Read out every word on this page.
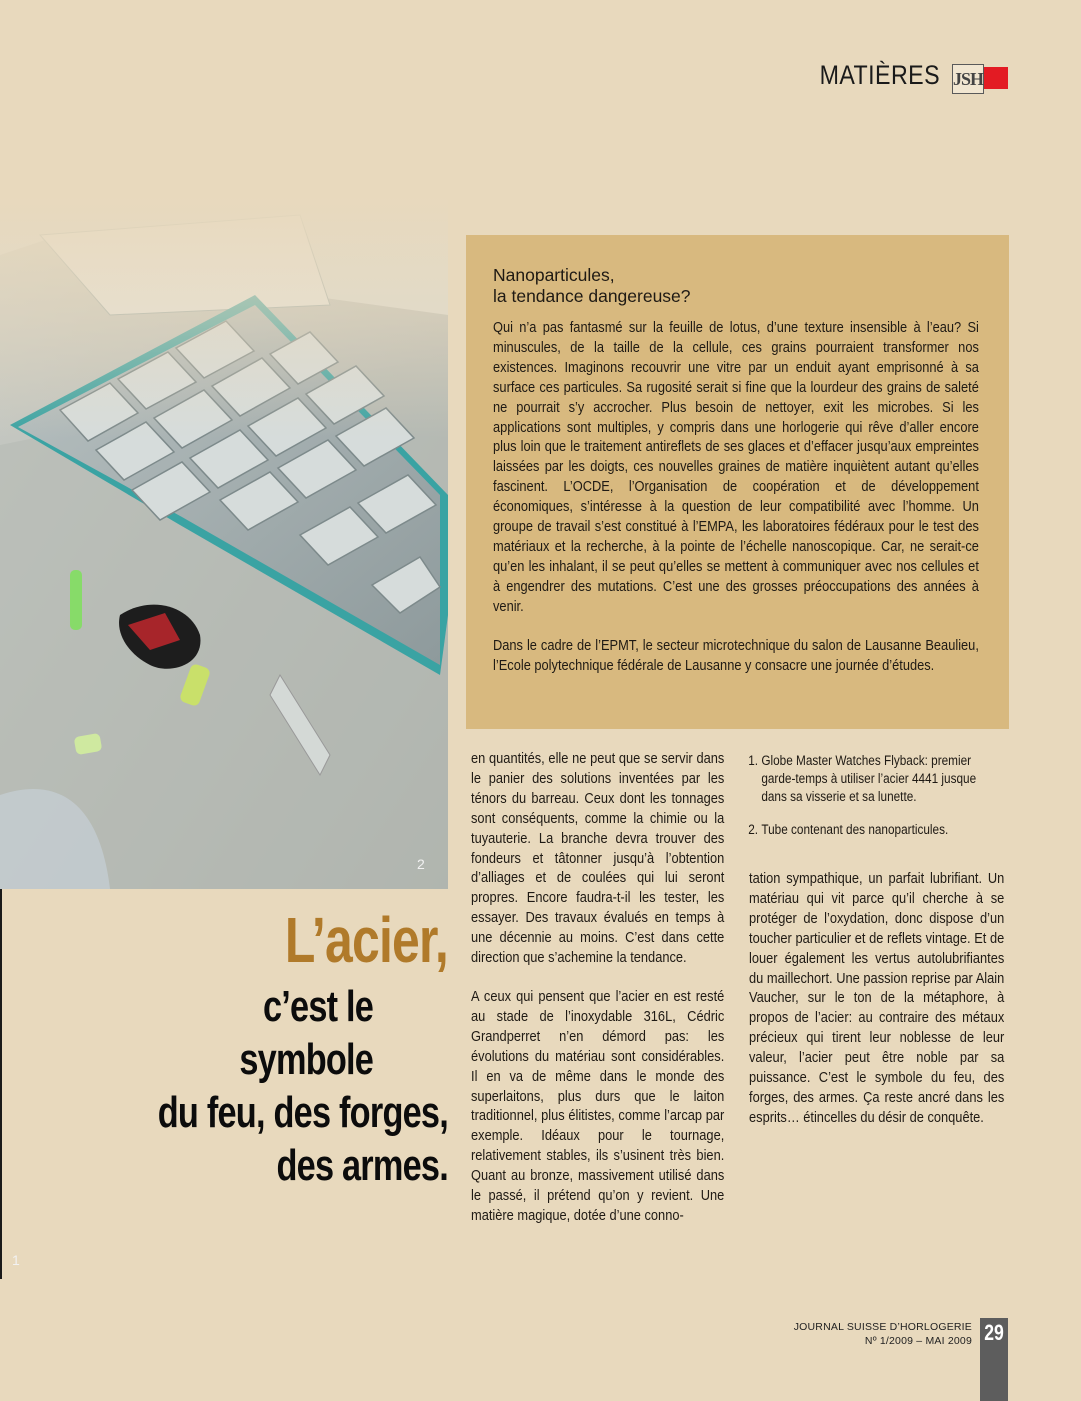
MATIÈRES JSH
2
1
Nanoparticules,
la tendance dangereuse?

Qui n’a pas fantasmé sur la feuille de lotus, d’une texture insensible à l’eau? Si minuscules, de la taille de la cellule, ces grains pourraient transformer nos existences. Imaginons recouvrir une vitre par un enduit ayant emprisonné à sa surface ces particules. Sa rugosité serait si fine que la lourdeur des grains de saleté ne pourrait s’y accrocher. Plus besoin de nettoyer, exit les microbes. Si les applications sont multiples, y compris dans une horlogerie qui rêve d’aller encore plus loin que le traitement antireflets de ses glaces et d’effacer jusqu’aux empreintes laissées par les doigts, ces nouvelles graines de matière inquiètent autant qu’elles fascinent. L’OCDE, l’Organisation de coopération et de développement économiques, s’intéresse à la question de leur compatibilité avec l’homme. Un groupe de travail s’est constitué à l’EMPA, les laboratoires fédéraux pour le test des matériaux et la recherche, à la pointe de l’échelle nanoscopique. Car, ne serait-ce qu’en les inhalant, il se peut qu’elles se mettent à communiquer avec nos cellules et à engendrer des mutations. C’est une des grosses préoccupations des années à venir.

Dans le cadre de l’EPMT, le secteur microtechnique du salon de Lausanne Beaulieu, l’Ecole polytechnique fédérale de Lausanne y consacre une journée d’études.

L’acier,
c’est le symbole
du feu, des forges,
des armes.

en quantités, elle ne peut que se servir dans le panier des solutions inventées par les ténors du barreau. Ceux dont les tonnages sont conséquents, comme la chimie ou la tuyauterie. La branche devra trouver des fondeurs et tâtonner jusqu’à l’obtention d’alliages et de coulées qui lui seront propres. Encore faudra-t-il les tester, les essayer. Des travaux évalués en temps à une décennie au moins. C’est dans cette direction que s’achemine la tendance.

A ceux qui pensent que l’acier en est resté au stade de l’inoxydable 316L, Cédric Grandperret n’en démord pas: les évolutions du matériau sont considérables. Il en va de même dans le monde des superlaitons, plus durs que le laiton traditionnel, plus élitistes, comme l’arcap par exemple. Idéaux pour le tournage, relativement stables, ils s’usinent très bien. Quant au bronze, massivement utilisé dans le passé, il prétend qu’on y revient. Une matière magique, dotée d’une conno-

1. Globe Master Watches Flyback: premier garde-temps à utiliser l’acier 4441 jusque dans sa visserie et sa lunette.
2. Tube contenant des nanoparticules.

tation sympathique, un parfait lubrifiant. Un matériau qui vit parce qu’il cherche à se protéger de l’oxydation, donc dispose d’un toucher particulier et de reflets vintage. Et de louer également les vertus autolubrifiantes du maillechort. Une passion reprise par Alain Vaucher, sur le ton de la métaphore, à propos de l’acier: au contraire des métaux précieux qui tirent leur noblesse de leur valeur, l’acier peut être noble par sa puissance. C’est le symbole du feu, des forges, des armes. Ça reste ancré dans les esprits… étincelles du désir de conquête.

JOURNAL SUISSE D’HORLOGERIE
Nº 1/2009 – MAI 2009 29
